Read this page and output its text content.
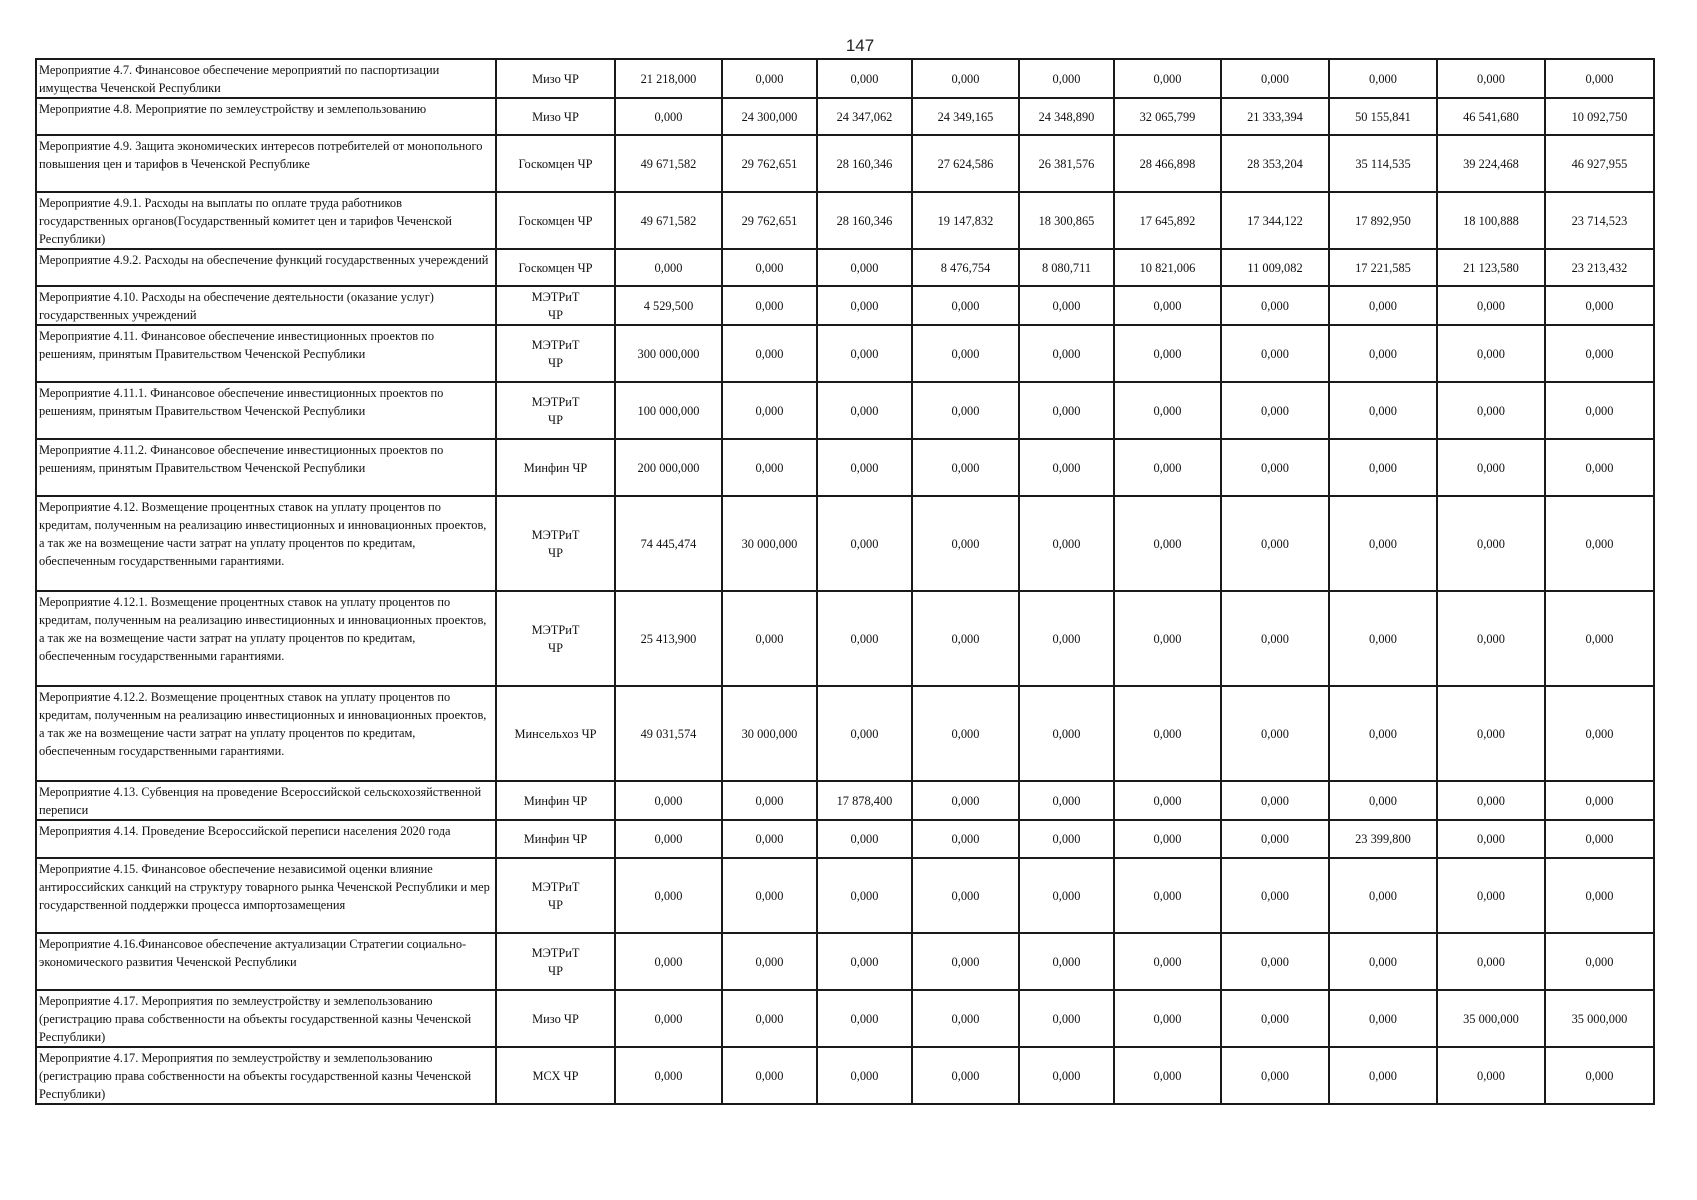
147
Мероприятие 4.7. Финансовое обеспечение мероприятий по паспортизации имущества Чеченской Республики	Мизо ЧР	21 218,000	0,000	0,000	0,000	0,000	0,000	0,000	0,000	0,000	0,000
Мероприятие 4.8. Мероприятие по землеустройству и землепользованию	Мизо ЧР	0,000	24 300,000	24 347,062	24 349,165	24 348,890	32 065,799	21 333,394	50 155,841	46 541,680	10 092,750
Мероприятие 4.9. Защита экономических интересов потребителей от монопольного повышения цен и тарифов в Чеченской Республике	Госкомцен ЧР	49 671,582	29 762,651	28 160,346	27 624,586	26 381,576	28 466,898	28 353,204	35 114,535	39 224,468	46 927,955
Мероприятие 4.9.1. Расходы на выплаты по оплате труда работников государственных органов(Государственный комитет цен и тарифов Чеченской Республики)	Госкомцен ЧР	49 671,582	29 762,651	28 160,346	19 147,832	18 300,865	17 645,892	17 344,122	17 892,950	18 100,888	23 714,523
Мероприятие 4.9.2. Расходы на обеспечение функций государственных учереждений	Госкомцен ЧР	0,000	0,000	0,000	8 476,754	8 080,711	10 821,006	11 009,082	17 221,585	21 123,580	23 213,432
Мероприятие 4.10. Расходы на обеспечение деятельности (оказание услуг) государственных учреждений	МЭТРиТ ЧР	4 529,500	0,000	0,000	0,000	0,000	0,000	0,000	0,000	0,000	0,000
Мероприятие 4.11. Финансовое обеспечение инвестиционных проектов по решениям, принятым Правительством Чеченской Республики	МЭТРиТ ЧР	300 000,000	0,000	0,000	0,000	0,000	0,000	0,000	0,000	0,000	0,000
Мероприятие 4.11.1. Финансовое обеспечение инвестиционных проектов по решениям, принятым Правительством Чеченской Республики	МЭТРиТ ЧР	100 000,000	0,000	0,000	0,000	0,000	0,000	0,000	0,000	0,000	0,000
Мероприятие 4.11.2. Финансовое обеспечение инвестиционных проектов по решениям, принятым Правительством Чеченской Республики	Минфин ЧР	200 000,000	0,000	0,000	0,000	0,000	0,000	0,000	0,000	0,000	0,000
Мероприятие 4.12. Возмещение процентных ставок на уплату процентов по кредитам, полученным на реализацию инвестиционных и инновационных проектов, а так же на возмещение части затрат на уплату процентов по кредитам, обеспеченным государственными гарантиями.	МЭТРиТ ЧР	74 445,474	30 000,000	0,000	0,000	0,000	0,000	0,000	0,000	0,000	0,000
Мероприятие 4.12.1. Возмещение процентных ставок на уплату процентов по кредитам, полученным на реализацию инвестиционных и инновационных проектов, а так же на возмещение части затрат на уплату процентов по кредитам, обеспеченным государственными гарантиями.	МЭТРиТ ЧР	25 413,900	0,000	0,000	0,000	0,000	0,000	0,000	0,000	0,000	0,000
Мероприятие 4.12.2. Возмещение процентных ставок на уплату процентов по кредитам, полученным на реализацию инвестиционных и инновационных проектов, а так же на возмещение части затрат на уплату процентов по кредитам, обеспеченным государственными гарантиями.	Минсельхоз ЧР	49 031,574	30 000,000	0,000	0,000	0,000	0,000	0,000	0,000	0,000	0,000
Мероприятие 4.13. Субвенция на проведение Всероссийской сельскохозяйственной переписи	Минфин ЧР	0,000	0,000	17 878,400	0,000	0,000	0,000	0,000	0,000	0,000	0,000
Мероприятия 4.14. Проведение Всероссийской переписи населения 2020 года	Минфин ЧР	0,000	0,000	0,000	0,000	0,000	0,000	0,000	23 399,800	0,000	0,000
Мероприятие 4.15. Финансовое обеспечение независимой оценки влияние антироссийских санкций на структуру товарного рынка Чеченской Республики и мер государственной поддержки процесса импортозамещения	МЭТРиТ ЧР	0,000	0,000	0,000	0,000	0,000	0,000	0,000	0,000	0,000	0,000
Мероприятие 4.16.Финансовое обеспечение актуализации Стратегии социально-экономического развития Чеченской Республики	МЭТРиТ ЧР	0,000	0,000	0,000	0,000	0,000	0,000	0,000	0,000	0,000	0,000
Мероприятие 4.17. Мероприятия по землеустройству и землепользованию (регистрацию права собственности на объекты государственной казны Чеченской Республики)	Мизо ЧР	0,000	0,000	0,000	0,000	0,000	0,000	0,000	0,000	35 000,000	35 000,000
Мероприятие 4.17. Мероприятия по землеустройству и землепользованию (регистрацию права собственности на объекты государственной казны Чеченской Республики)	МСХ ЧР	0,000	0,000	0,000	0,000	0,000	0,000	0,000	0,000	0,000	0,000
